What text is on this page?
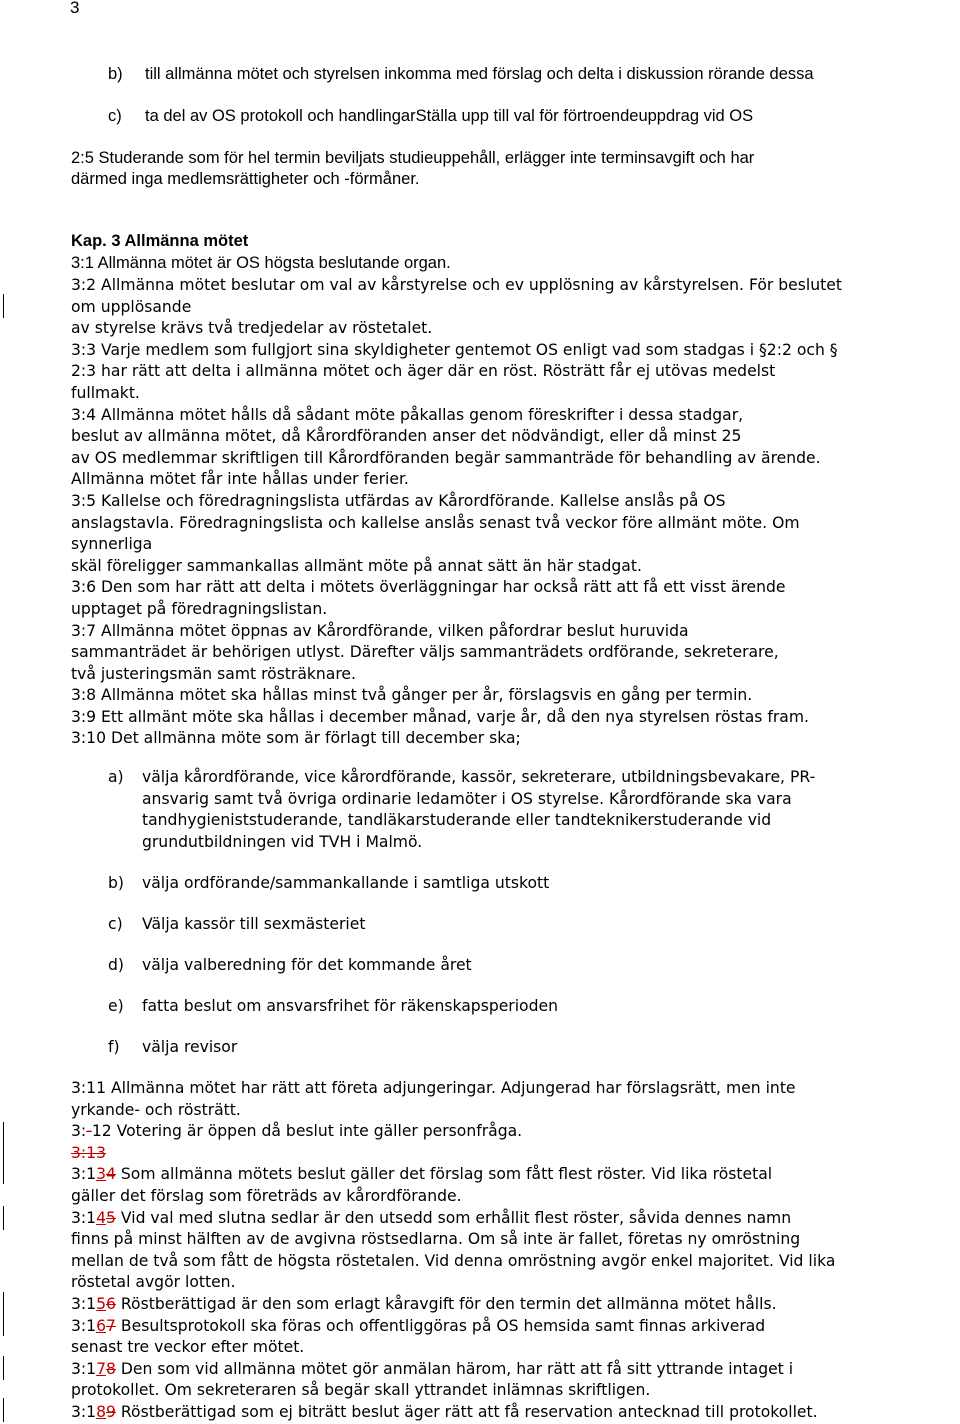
3
b) till allmänna mötet och styrelsen inkomma med förslag och delta i diskussion rörande dessa
c) ta del av OS protokoll och handlingarStälla upp till val för förtroendeuppdrag vid OS
2:5 Studerande som för hel termin beviljats studieuppehåll, erlägger inte terminsavgift och har
därmed inga medlemsrättigheter och -förmåner.
Kap. 3 Allmänna mötet
3:1 Allmänna mötet är OS högsta beslutande organ.
3:2 Allmänna mötet beslutar om val av kårstyrelse och ev upplösning av kårstyrelsen. För beslutet
om upplösande
av styrelse krävs två tredjedelar av röstetalet.
3:3 Varje medlem som fullgjort sina skyldigheter gentemot OS enligt vad som stadgas i §2:2 och §
2:3 har rätt att delta i allmänna mötet och äger där en röst. Rösträtt får ej utövas medelst
fullmakt.
3:4 Allmänna mötet hålls då sådant möte påkallas genom föreskrifter i dessa stadgar,
beslut av allmänna mötet, då Kårordföranden anser det nödvändigt, eller då minst 25
av OS medlemmar skriftligen till Kårordföranden begär sammanträde för behandling av ärende.
Allmänna mötet får inte hållas under ferier.
3:5 Kallelse och föredragningslista utfärdas av Kårordförande. Kallelse anslås på OS
anslagstavla. Föredragningslista och kallelse anslås senast två veckor före allmänt möte. Om
synnerliga
skäl föreligger sammankallas allmänt möte på annat sätt än här stadgat.
3:6 Den som har rätt att delta i mötets överläggningar har också rätt att få ett visst ärende
upptaget på föredragningslistan.
3:7 Allmänna mötet öppnas av Kårordförande, vilken påfordrar beslut huruvida
sammanträdet är behörigen utlyst. Därefter väljs sammanträdets ordförande, sekreterare,
två justeringsmän samt rösträknare.
3:8 Allmänna mötet ska hållas minst två gånger per år, förslagsvis en gång per termin.
3:9 Ett allmänt möte ska hållas i december månad, varje år, då den nya styrelsen röstas fram.
3:10 Det allmänna möte som är förlagt till december ska;
a) välja kårordförande, vice kårordförande, kassör, sekreterare, utbildningsbevakare, PR-
ansvarig samt två övriga ordinarie ledamöter i OS styrelse. Kårordförande ska vara
tandhygieniststuderande, tandläkarstuderande eller tandteknikerstuderande vid
grundutbildningen vid TVH i Malmö.
b) välja ordförande/sammankallande i samtliga utskott
c) Välja kassör till sexmästeriet
d) välja valberedning för det kommande året
e) fatta beslut om ansvarsfrihet för räkenskapsperioden
f) välja revisor
3:11 Allmänna mötet har rätt att företa adjungeringar. Adjungerad har förslagsrätt, men inte
yrkande- och rösträtt.
3:-12 Votering är öppen då beslut inte gäller personfråga.
3:13
3:134 Som allmänna mötets beslut gäller det förslag som fått flest röster. Vid lika röstetal
gäller det förslag som företräds av kårordförande.
3:145 Vid val med slutna sedlar är den utsedd som erhållit flest röster, såvida dennes namn
finns på minst hälften av de avgivna röstsedlarna. Om så inte är fallet, företas ny omröstning
mellan de två som fått de högsta röstetalen. Vid denna omröstning avgör enkel majoritet. Vid lika
röstetal avgör lotten.
3:156 Röstberättigad är den som erlagt kåravgift för den termin det allmänna mötet hålls.
3:167 Besultsprotokoll ska föras och offentliggöras på OS hemsida samt finnas arkiverad
senast tre veckor efter mötet.
3:178 Den som vid allmänna mötet gör anmälan härom, har rätt att få sitt yttrande intaget i
protokollet. Om sekreteraren så begär skall yttrandet inlämnas skriftligen.
3:189 Röstberättigad som ej biträtt beslut äger rätt att få reservation antecknad till protokollet.
